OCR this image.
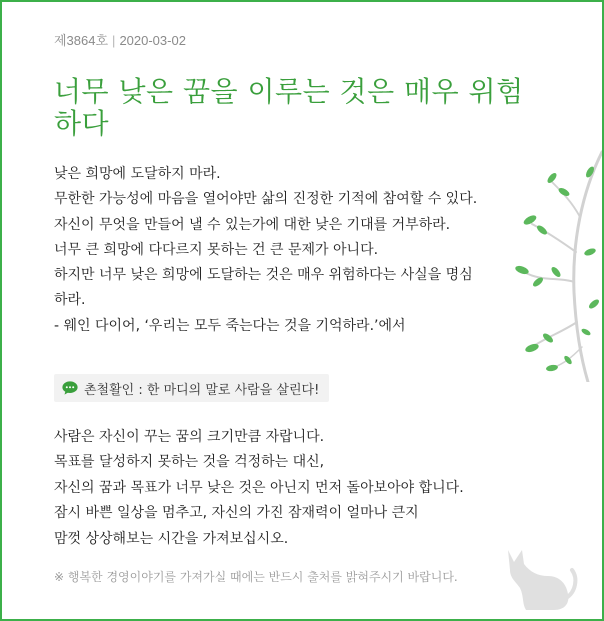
제3864호 | 2020-03-02
너무 낮은 꿈을 이루는 것은 매우 위험하다
낮은 희망에 도달하지 마라.
무한한 가능성에 마음을 열어야만 삶의 진정한 기적에 참여할 수 있다.
자신이 무엇을 만들어 낼 수 있는가에 대한 낮은 기대를 거부하라.
너무 큰 희망에 다다르지 못하는 건 큰 문제가 아니다.
하지만 너무 낮은 희망에 도달하는 것은 매우 위험하다는 사실을 명심
하라.
- 웨인 다이어, ‘우리는 모두 죽는다는 것을 기억하라.’에서
촌철활인 : 한 마디의 말로 사람을 살린다!
사람은 자신이 꾸는 꿈의 크기만큼 자랍니다.
목표를 달성하지 못하는 것을 걱정하는 대신,
자신의 꿈과 목표가 너무 낮은 것은 아닌지 먼저 돌아보아야 합니다.
잠시 바쁜 일상을 멈추고, 자신의 가진 잠재력이 얼마나 큰지
맘껏 상상해보는 시간을 가져보십시오.
※ 행복한 경영이야기를 가져가실 때에는 반드시 출처를 밝혀주시기 바랍니다.
